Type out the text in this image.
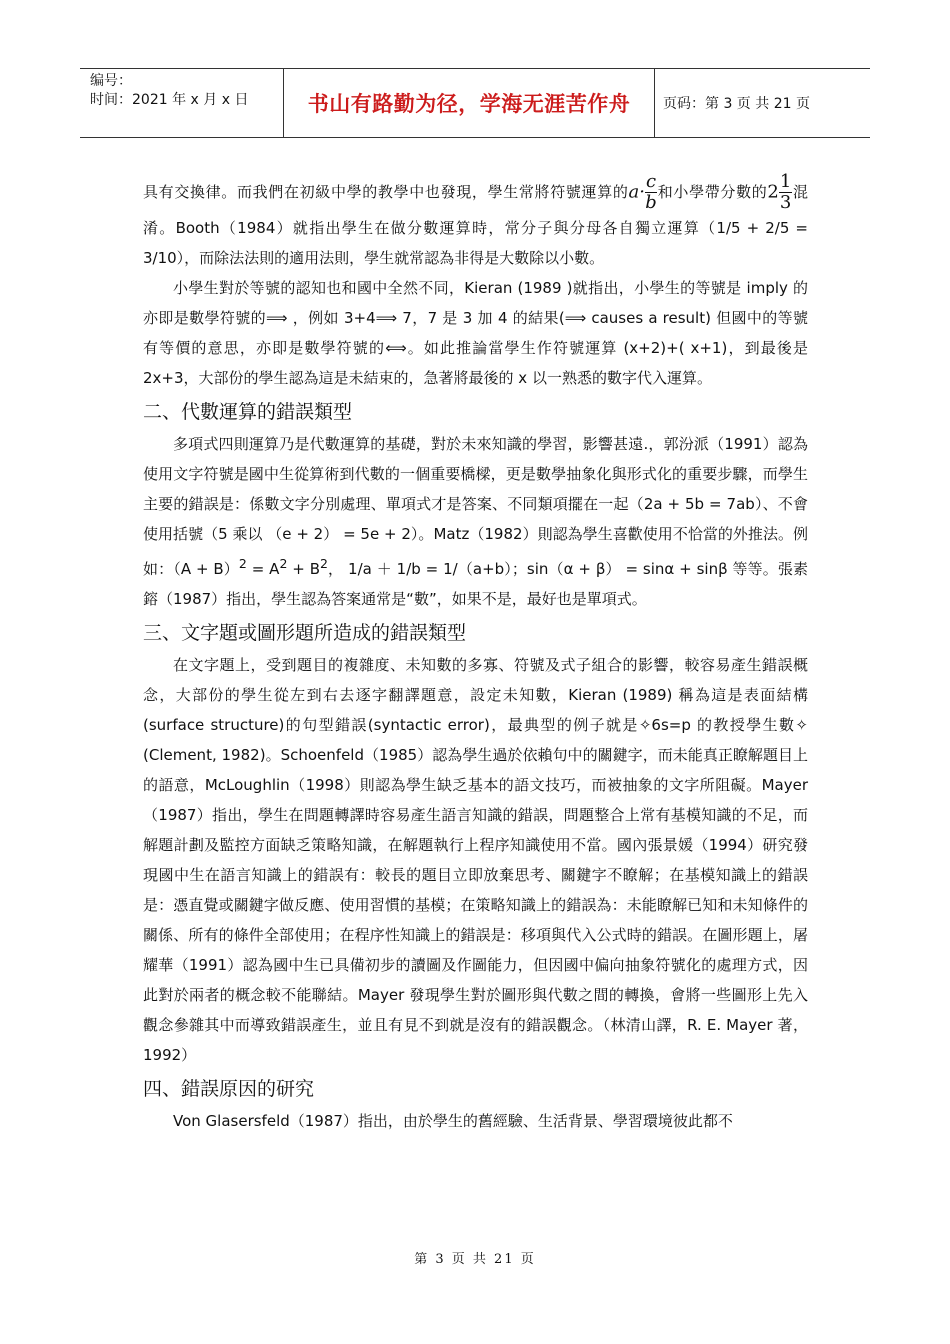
编号：
时间：2021 年 x 月 x 日	书山有路勤为径，学海无涯苦作舟	页码：第 3 页 共 21 页

具有交換律。而我們在初級中學的教學中也發現，學生常將符號運算的$a\cdot \frac{c}{b}$ 和小學帶分數的$2 \frac{1}{3}$ 混淆。Booth（1984）就指出學生在做分數運算時，常分子與分母各自獨立運算（1/5 + 2/5 = 3/10），而除法法則的適用法則，學生就常認為非得是大數除以小數。

小學生對於等號的認知也和國中全然不同，Kieran (1989 )就指出，小學生的等號是 imply 的亦即是數學符號的⟹ ，例如 3+4⟹ 7，7 是 3 加 4 的結果(⟹ causes a result) 但國中的等號有等價的意思，亦即是數學符號的⟺。如此推論當學生作符號運算 (x+2)+( x+1)，到最後是 2x+3，大部份的學生認為這是未結束的，急著將最後的 x 以一熟悉的數字代入運算。

二、代數運算的錯誤類型

多項式四則運算乃是代數運算的基礎，對於未來知識的學習，影響甚遠.，郭汾派（1991）認為使用文字符號是國中生從算術到代數的一個重要橋樑，更是數學抽象化與形式化的重要步驟，而學生主要的錯誤是：係數文字分別處理、單項式才是答案、不同類項擺在一起（2a + 5b = 7ab）、不會使用括號（5 乘以 （e + 2） = 5e + 2）。Matz（1982）則認為學生喜歡使用不恰當的外推法。例如：$(A + B)^2 = A^2 + B^2$， 1/a ＋ 1/b = 1/（a+b）；sin（α + β） = sinα + sinβ 等等。張素鎔（1987）指出，學生認為答案通常是“數”，如果不是，最好也是單項式。

三、文字題或圖形題所造成的錯誤類型

在文字題上，受到題目的複雜度、未知數的多寡、符號及式子組合的影響，較容易產生錯誤概念，大部份的學生從左到右去逐字翻譯題意，設定未知數，Kieran (1989) 稱為這是表面結構(surface structure)的句型錯誤(syntactic error)，最典型的例子就是✧6s=p 的教授學生數✧ (Clement, 1982)。Schoenfeld（1985）認為學生過於依賴句中的關鍵字，而未能真正瞭解題目上的語意，McLoughlin（1998）則認為學生缺乏基本的語文技巧，而被抽象的文字所阻礙。Mayer（1987）指出，學生在問題轉譯時容易產生語言知識的錯誤，問題整合上常有基模知識的不足，而解題計劃及監控方面缺乏策略知識，在解題執行上程序知識使用不當。國內張景媛（1994）研究發現國中生在語言知識上的錯誤有：較長的題目立即放棄思考、關鍵字不瞭解；在基模知識上的錯誤是：憑直覺或關鍵字做反應、使用習慣的基模；在策略知識上的錯誤為：未能瞭解已知和未知條件的關係、所有的條件全部使用；在程序性知識上的錯誤是：移項與代入公式時的錯誤。在圖形題上，屠耀華（1991）認為國中生已具備初步的讀圖及作圖能力，但因國中偏向抽象符號化的處理方式，因此對於兩者的概念較不能聯結。Mayer 發現學生對於圖形與代數之間的轉換，會將一些圖形上先入觀念參雜其中而導致錯誤產生，並且有見不到就是沒有的錯誤觀念。（林清山譯，R. E. Mayer 著，1992）

四、錯誤原因的研究

Von Glasersfeld（1987）指出，由於學生的舊經驗、生活背景、學習環境彼此都不

第 3 页 共 21 页
